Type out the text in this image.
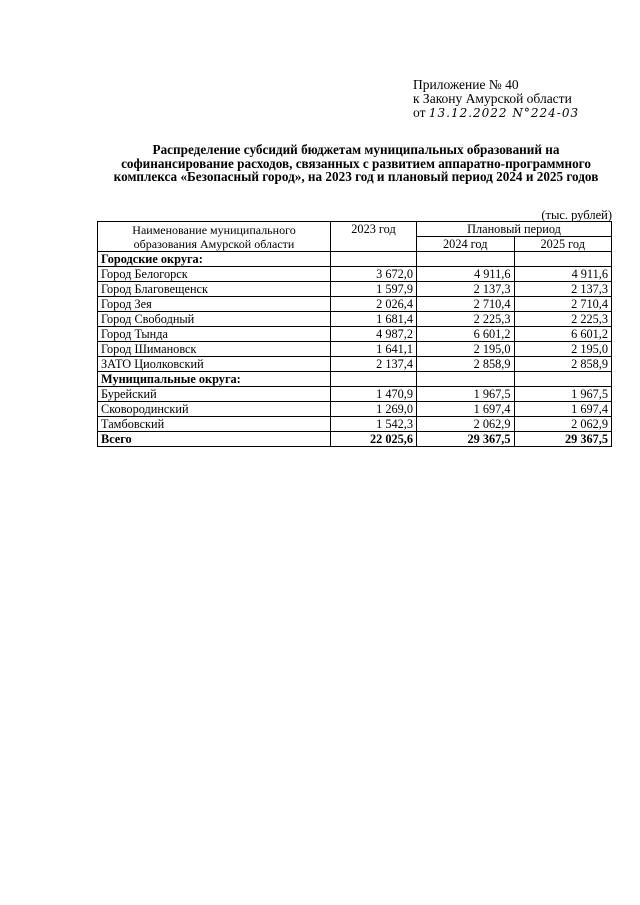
Приложение № 40
к Закону Амурской области
от 13.12.2022 N°224-03
Распределение субсидий бюджетам муниципальных образований на софинансирование расходов, связанных с развитием аппаратно-программного комплекса «Безопасный город», на 2023 год и плановый период 2024 и 2025 годов
(тыс. рублей)
Наименование муниципального образования Амурской области	2023 год	Плановый период	
		2024 год	2025 год
Городские округа:			
Город Белогорск	3 672,0	4 911,6	4 911,6
Город Благовещенск	1 597,9	2 137,3	2 137,3
Город Зея	2 026,4	2 710,4	2 710,4
Город Свободный	1 681,4	2 225,3	2 225,3
Город Тында	4 987,2	6 601,2	6 601,2
Город Шимановск	1 641,1	2 195,0	2 195,0
ЗАТО Циолковский	2 137,4	2 858,9	2 858,9
Муниципальные округа:			
Бурейский	1 470,9	1 967,5	1 967,5
Сковородинский	1 269,0	1 697,4	1 697,4
Тамбовский	1 542,3	2 062,9	2 062,9
Всего	22 025,6	29 367,5	29 367,5
